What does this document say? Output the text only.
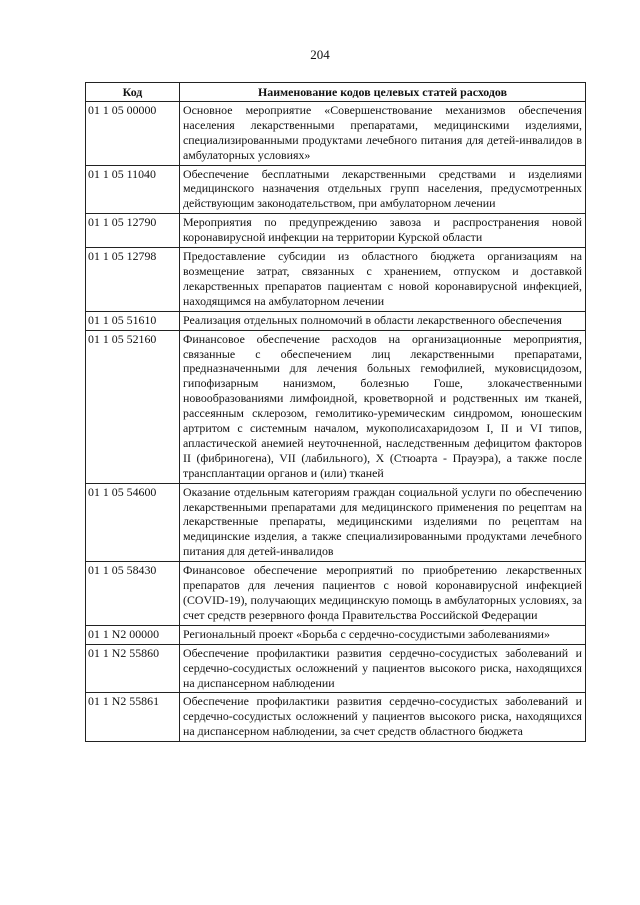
204
Код	Наименование кодов целевых статей расходов
01 1 05 00000	Основное мероприятие «Совершенствование механизмов обеспечения населения лекарственными препаратами, медицинскими изделиями, специализированными продуктами лечебного питания для детей-инвалидов в амбулаторных условиях»
01 1 05 11040	Обеспечение бесплатными лекарственными средствами и изделиями медицинского назначения отдельных групп населения, предусмотренных действующим законодательством, при амбулаторном лечении
01 1 05 12790	Мероприятия по предупреждению завоза и распространения новой коронавирусной инфекции на территории Курской области
01 1 05 12798	Предоставление субсидии из областного бюджета организациям на возмещение затрат, связанных с хранением, отпуском и доставкой лекарственных препаратов пациентам с новой коронавирусной инфекцией, находящимся на амбулаторном лечении
01 1 05 51610	Реализация отдельных полномочий в области лекарственного обеспечения
01 1 05 52160	Финансовое обеспечение расходов на организационные мероприятия, связанные с обеспечением лиц лекарственными препаратами, предназначенными для лечения больных гемофилией, муковисцидозом, гипофизарным нанизмом, болезнью Гоше, злокачественными новообразованиями лимфоидной, кроветворной и родственных им тканей, рассеянным склерозом, гемолитико-уремическим синдромом, юношеским артритом с системным началом, мукополисахаридозом I, II и VI типов, апластической анемией неуточненной, наследственным дефицитом факторов II (фибриногена), VII (лабильного), X (Стюарта - Прауэра), а также после трансплантации органов и (или) тканей
01 1 05 54600	Оказание отдельным категориям граждан социальной услуги по обеспечению лекарственными препаратами для медицинского применения по рецептам на лекарственные препараты, медицинскими изделиями по рецептам на медицинские изделия, а также специализированными продуктами лечебного питания для детей-инвалидов
01 1 05 58430	Финансовое обеспечение мероприятий по приобретению лекарственных препаратов для лечения пациентов с новой коронавирусной инфекцией (COVID-19), получающих медицинскую помощь в амбулаторных условиях, за счет средств резервного фонда Правительства Российской Федерации
01 1 N2 00000	Региональный проект «Борьба с сердечно-сосудистыми заболеваниями»
01 1 N2 55860	Обеспечение профилактики развития сердечно-сосудистых заболеваний и сердечно-сосудистых осложнений у пациентов высокого риска, находящихся на диспансерном наблюдении
01 1 N2 55861	Обеспечение профилактики развития сердечно-сосудистых заболеваний и сердечно-сосудистых осложнений у пациентов высокого риска, находящихся на диспансерном наблюдении, за счет средств областного бюджета
